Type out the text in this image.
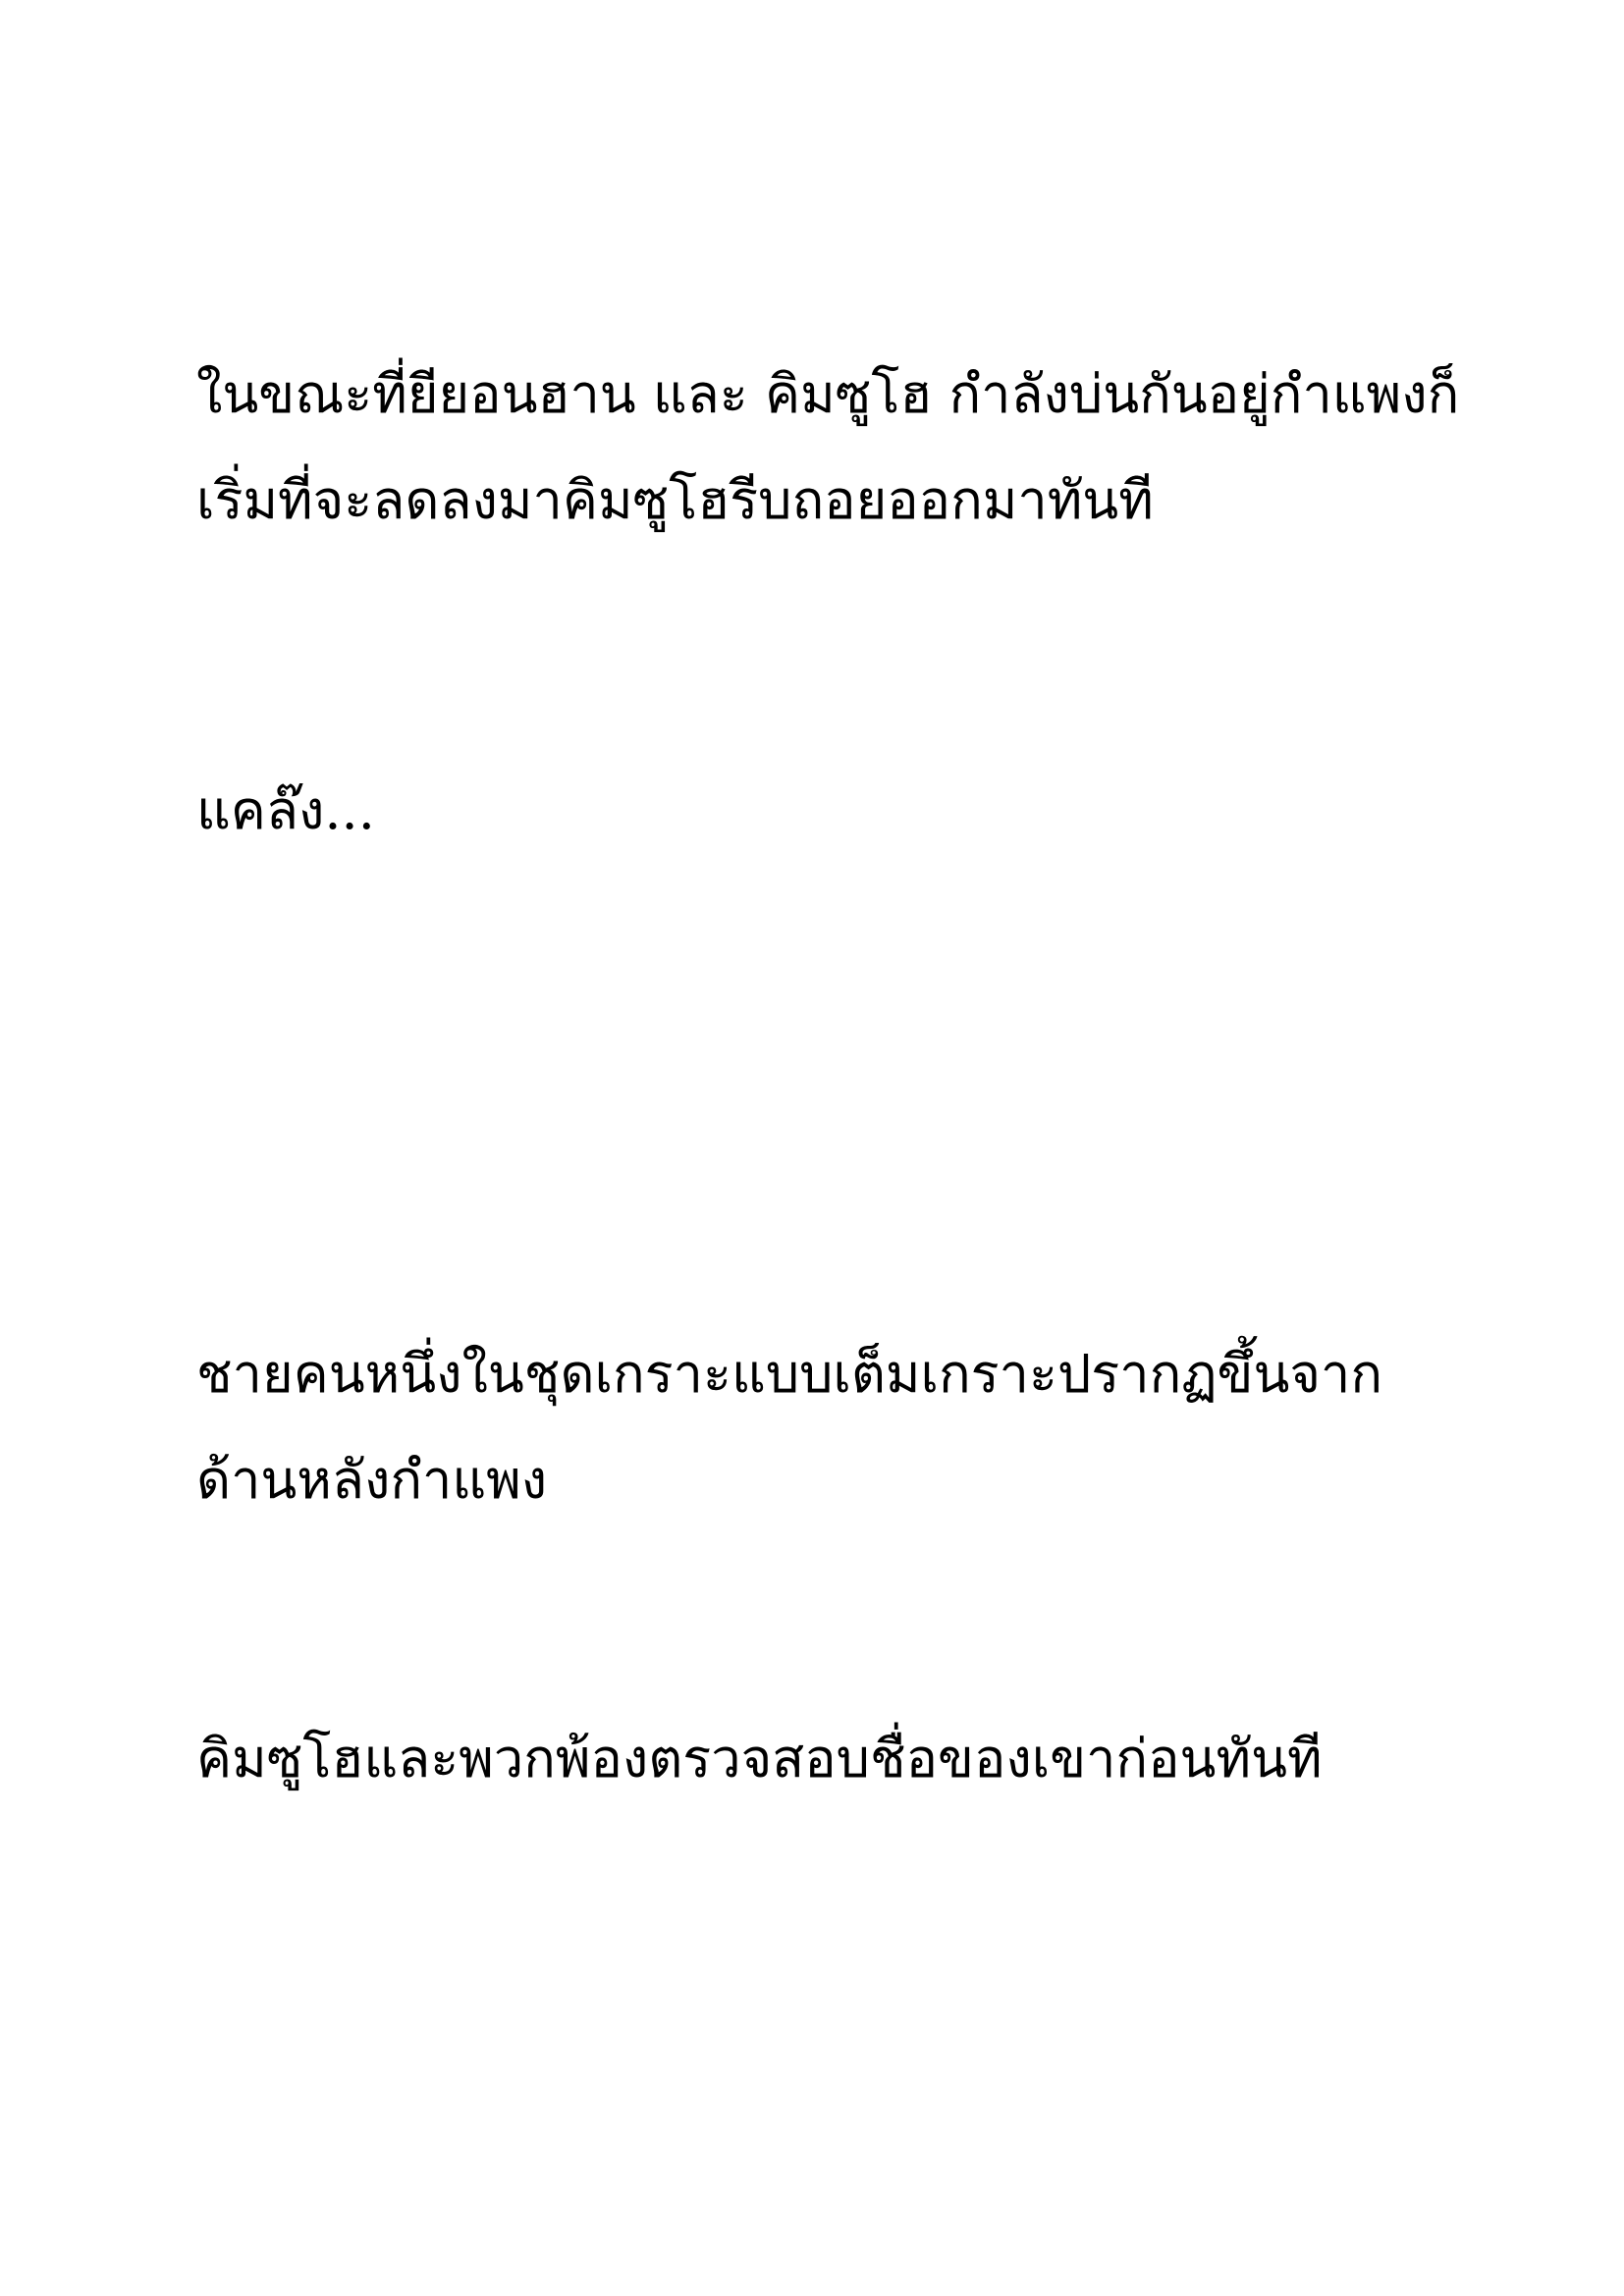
ในขณะที่ยียอนฮาน และ คิมซูโฮ กำลังบ่นกันอยู่กำแพงก็
เริ่มที่จะลดลงมาคิมซูโฮรีบถอยออกมาทันที

แคล๊ง...

ชายคนหนึ่งในชุดเกราะแบบเต็มเกราะปรากฏขึ้นจาก
ด้านหลังกำแพง

คิมซูโฮและพวกพ้องตรวจสอบชื่อของเขาก่อนทันที
